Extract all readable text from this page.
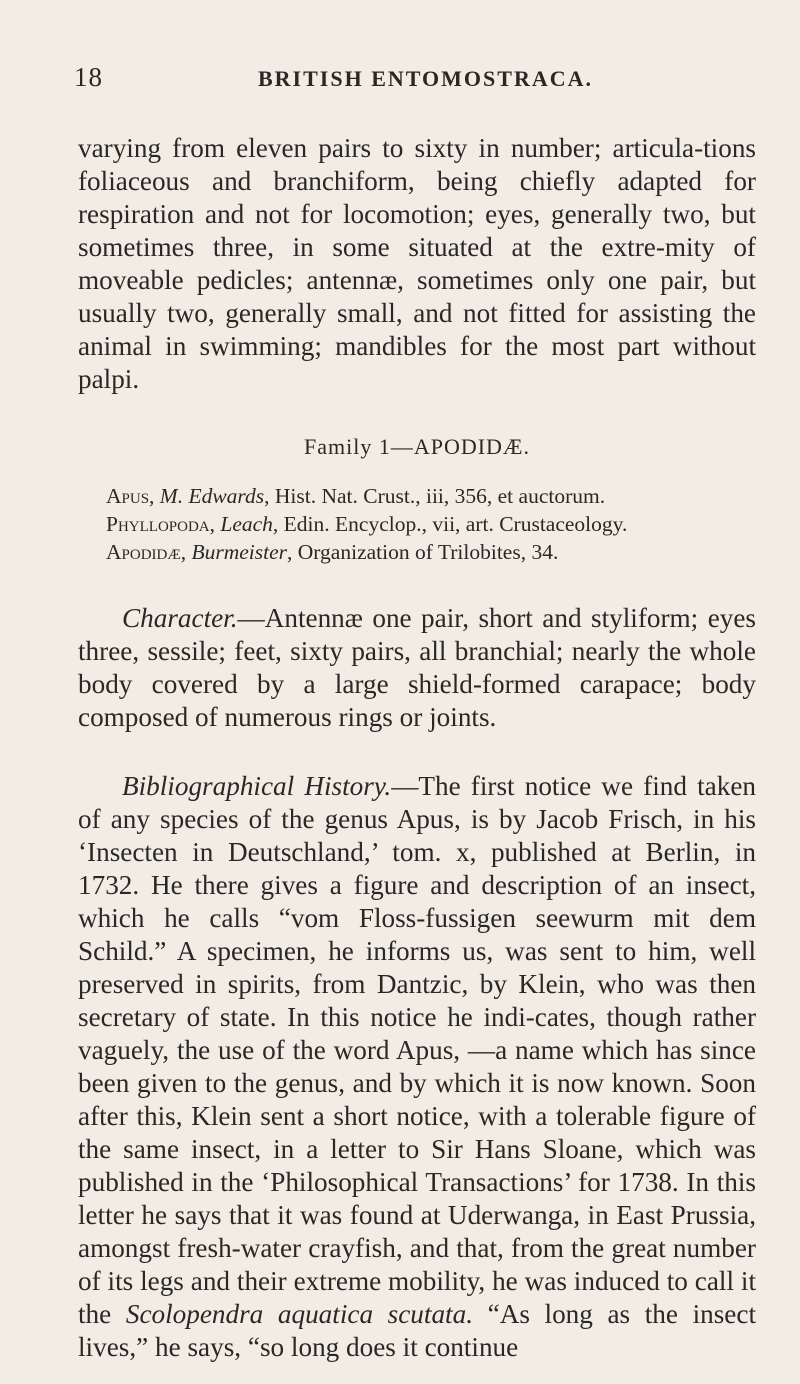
18	BRITISH ENTOMOSTRACA.

varying from eleven pairs to sixty in number; articula-tions foliaceous and branchiform, being chiefly adapted for respiration and not for locomotion; eyes, generally two, but sometimes three, in some situated at the extre-mity of moveable pedicles; antennæ, sometimes only one pair, but usually two, generally small, and not fitted for assisting the animal in swimming; mandibles for the most part without palpi.

Family 1—APODIDÆ.
Apus, M. Edwards, Hist. Nat. Crust., iii, 356, et auctorum.
Phyllopoda, Leach, Edin. Encyclop., vii, art. Crustaceology.
Apodidæ, Burmeister, Organization of Trilobites, 34.

Character.—Antennæ one pair, short and styliform; eyes three, sessile; feet, sixty pairs, all branchial; nearly the whole body covered by a large shield-formed carapace; body composed of numerous rings or joints.

Bibliographical History.—The first notice we find taken of any species of the genus Apus, is by Jacob Frisch, in his ‘Insecten in Deutschland,’ tom. x, published at Berlin, in 1732. He there gives a figure and description of an insect, which he calls “vom Floss-fussigen seewurm mit dem Schild.” A specimen, he informs us, was sent to him, well preserved in spirits, from Dantzic, by Klein, who was then secretary of state. In this notice he indi-cates, though rather vaguely, the use of the word Apus, —a name which has since been given to the genus, and by which it is now known. Soon after this, Klein sent a short notice, with a tolerable figure of the same insect, in a letter to Sir Hans Sloane, which was published in the ‘Philosophical Transactions’ for 1738. In this letter he says that it was found at Uderwanga, in East Prussia, amongst fresh-water crayfish, and that, from the great number of its legs and their extreme mobility, he was induced to call it the Scolopendra aquatica scutata. “As long as the insect lives,” he says, “so long does it continue
